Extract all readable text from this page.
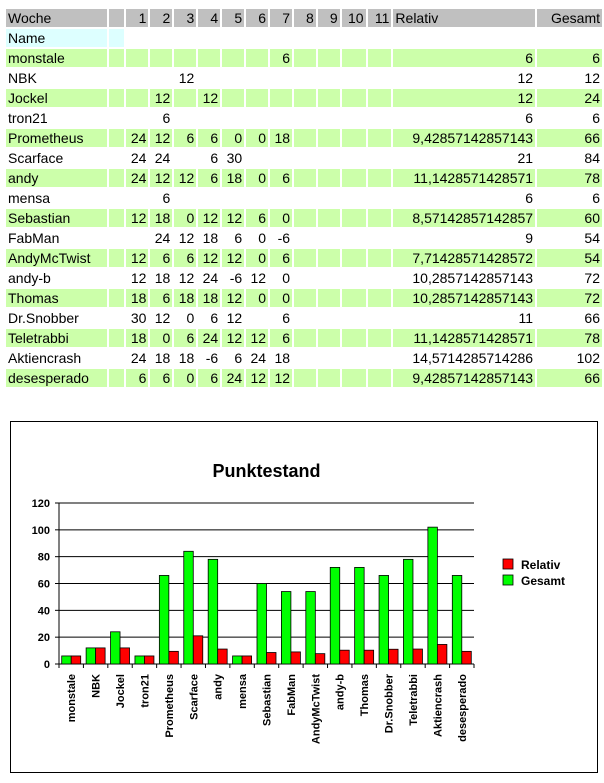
Woche		1	2	3	4	5	6	7	8	9	10	11	Relativ	Gesamt
Name														
monstale								6					6	6
NBK				12									12	12
Jockel			12		12								12	24
tron21			6										6	6
Prometheus		24	12	6	6	0	0	18					9,42857142857143	66
Scarface		24	24		6	30							21	84
andy		24	12	12	6	18	0	6					11,1428571428571	78
mensa			6										6	6
Sebastian		12	18	0	12	12	6	0					8,57142857142857	60
FabMan			24	12	18	6	0	-6					9	54
AndyMcTwist		12	6	6	12	12	0	6					7,71428571428572	54
andy-b		12	18	12	24	-6	12	0					10,2857142857143	72
Thomas		18	6	18	18	12	0	0					10,2857142857143	72
Dr.Snobber		30	12	0	6	12		6					11	66
Teletrabbi		18	0	6	24	12	12	6					11,1428571428571	78
Aktiencrash		24	18	18	-6	6	24	18					14,5714285714286	102
desesperado		6	6	0	6	24	12	12					9,42857142857143	66
Punktestand
0
20
40
60
80
100
120
monstale NBK Jockel tron21 Prometheus Scarface andy mensa Sebastian FabMan AndyMcTwist andy-b Thomas Dr.Snobber Teletrabbi Aktiencrash desesperado
Relativ
Gesamt
